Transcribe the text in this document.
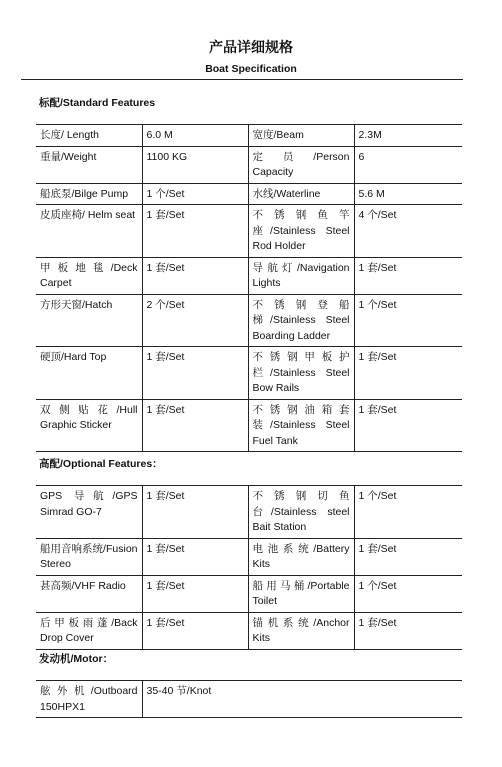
产品详细规格
Boat Specification
标配/Standard Features
长度/ Length	6.0 M	宽度/Beam	2.3M
重量/Weight	1100 KG	定 员 /Person Capacity	6
船底泵/Bilge Pump	1 个/Set	水线/Waterline	5.6 M
皮质座椅/ Helm seat	1 套/Set	不锈钢鱼竿座/Stainless Steel Rod Holder	4 个/Set
甲板地毯/Deck Carpet	1 套/Set	导航灯/Navigation Lights	1 套/Set
方形天窗/Hatch	2 个/Set	不锈钢登船梯/Stainless Steel Boarding Ladder	1 个/Set
硬顶/Hard Top	1 套/Set	不锈钢甲板护栏/Stainless Steel Bow Rails	1 套/Set
双侧贴花/Hull Graphic Sticker	1 套/Set	不锈钢油箱套装/Stainless Steel Fuel Tank	1 套/Set
高配/Optional Features：
GPS 导航/GPS Simrad GO-7	1 套/Set	不锈钢切鱼台/Stainless steel Bait Station	1 个/Set
船用音响系统/Fusion Stereo	1 套/Set	电池系统/Battery Kits	1 套/Set
甚高频/VHF Radio	1 套/Set	船用马桶/Portable Toilet	1 个/Set
后甲板雨蓬/Back Drop Cover	1 套/Set	锚机系统/Anchor Kits	1 套/Set
发动机/Motor：
舷外机/Outboard 150HPX1	35-40 节/Knot
